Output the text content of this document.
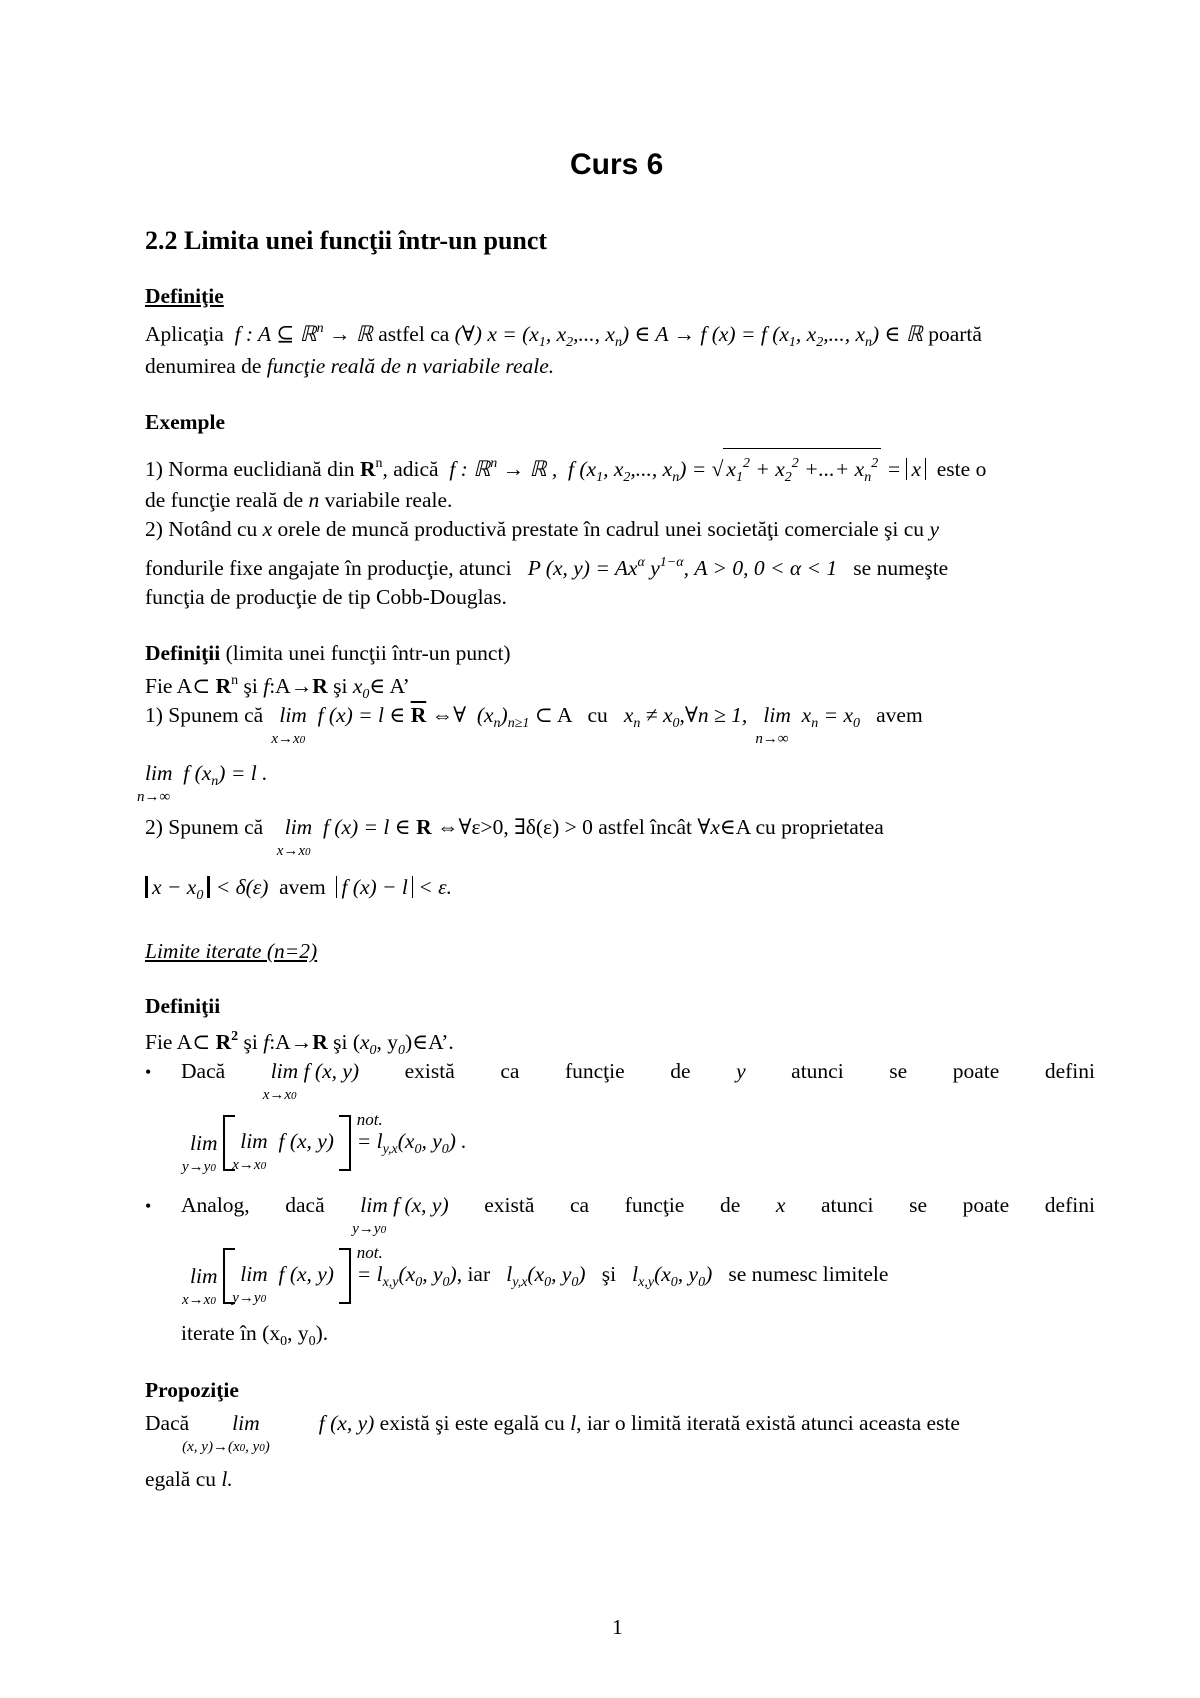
Curs 6
2.2 Limita unei funcţii într-un punct
Definiţie
Aplicaţia  f : A ⊆ ℝ$^n$ → ℝ astfel ca (∀) $x = (x_1$, $x_2$,..., $x_n$) ∈ A → f (x) = f ($x_1$, $x_2$,..., $x_n$) ∈ ℝ poartă
denumirea de funcţie reală de n variabile reale.
Exemple
1) Norma euclidiană din $R^n$, adică  f : ℝ$^n$ → ℝ ,  f ($x_1$, $x_2$,..., $x_n$) = √ $x_1^2 + x_2^2$ +...+ $x_n^2 = x$ este o
de funcţie reală de n variabile reale.
2) Notând cu x orele de muncă productivă prestate în cadrul unei societăţi comerciale şi cu y
fondurile fixe angajate în producţie, atunci   P (x, $y) = Ax^\alpha$ $y^{1-\alpha}$, A > 0, 0 < α < 1 se numeşte
funcţia de producţie de tip Cobb-Douglas.
Definiţii (limita unei funcţii într-un punct)
Fie A⊂ $R^n$ şi f:A→R şi $x_0\in$ A’
1) Spunem că lim
x→x0
f (x) = l ∈ $\overline{R}$ ⇔∀  $(x_n)_{n\ge 1}$ ⊂ A   cu $x_n$ ≠ $x_0,\forall n \ge 1$, lim
n→∞
$x_n = x_0$ avem
lim
n→∞
f $(x_n) = l$ .
2) Spunem că lim
x→x0
f (x) = l ∈ R ⇔∀ε>0, ∃δ(ε) > 0 astfel încât ∀x∈A cu proprietatea
$x - x_0 < \delta(\varepsilon)$ avem f (x) − l < ε.
Limite iterate (n=2)
Definiţii
Fie A⊂ $R^2$ şi f:A→R şi ($x_0$, $y_0)\in A$’.
• Dacă lim
x→x0
f (x, y) există ca funcţie de y atunci se poate defini
lim
y→y0
lim
x→x0
f (x, y)
not.
= $l_{y,x}(x_0$, $y_0$) .
• Analog, dacă lim
y→y0
f (x, y) există ca funcţie de x atunci se poate defini
lim
x→x0
lim
y→y0
f (x, y)
not.
= $l_{x,y}(x_0$, $y_0$), iar $l_{y,x}(x_0$, $y_0$) şi $l_{x,y}(x_0$, $y_0$) se numesc limitele
iterate în ($x_0$, $y_0$).
Propoziţie
Dacă lim
(x, y)→(x0, y0)
f (x, y) există şi este egală cu l, iar o limită iterată există atunci aceasta este
egală cu l.
1
